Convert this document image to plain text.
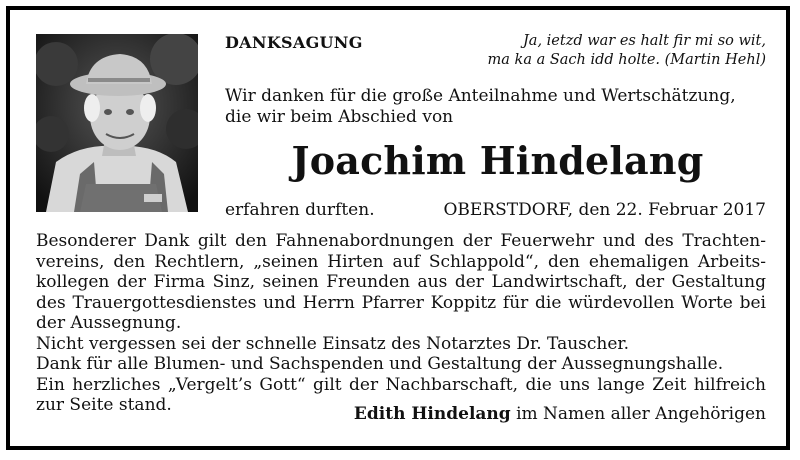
DANKSAGUNG	Ja, ietzd war es halt fir mi so wit,
ma ka a Sach idd holte. (Martin Hehl)
Wir danken für die große Anteilnahme und Wertschätzung,
die wir beim Abschied von
Joachim Hindelang
erfahren durften.	OBERSTDORF, den 22. Februar 2017
Besonderer Dank gilt den Fahnenabordnungen der Feuerwehr und des Trachten-
vereins, den Rechtlern, „seinen Hirten auf Schlappold“, den ehemaligen Arbeits-
kollegen der Firma Sinz, seinen Freunden aus der Landwirtschaft, der Gestaltung
des Trauergottesdienstes und Herrn Pfarrer Koppitz für die würdevollen Worte bei
der Aussegnung.
Nicht vergessen sei der schnelle Einsatz des Notarztes Dr. Tauscher.
Dank für alle Blumen- und Sachspenden und Gestaltung der Aussegnungshalle.
Ein herzliches „Vergelt’s Gott“ gilt der Nachbarschaft, die uns lange Zeit hilfreich
zur Seite stand.	Edith Hindelang im Namen aller Angehörigen
